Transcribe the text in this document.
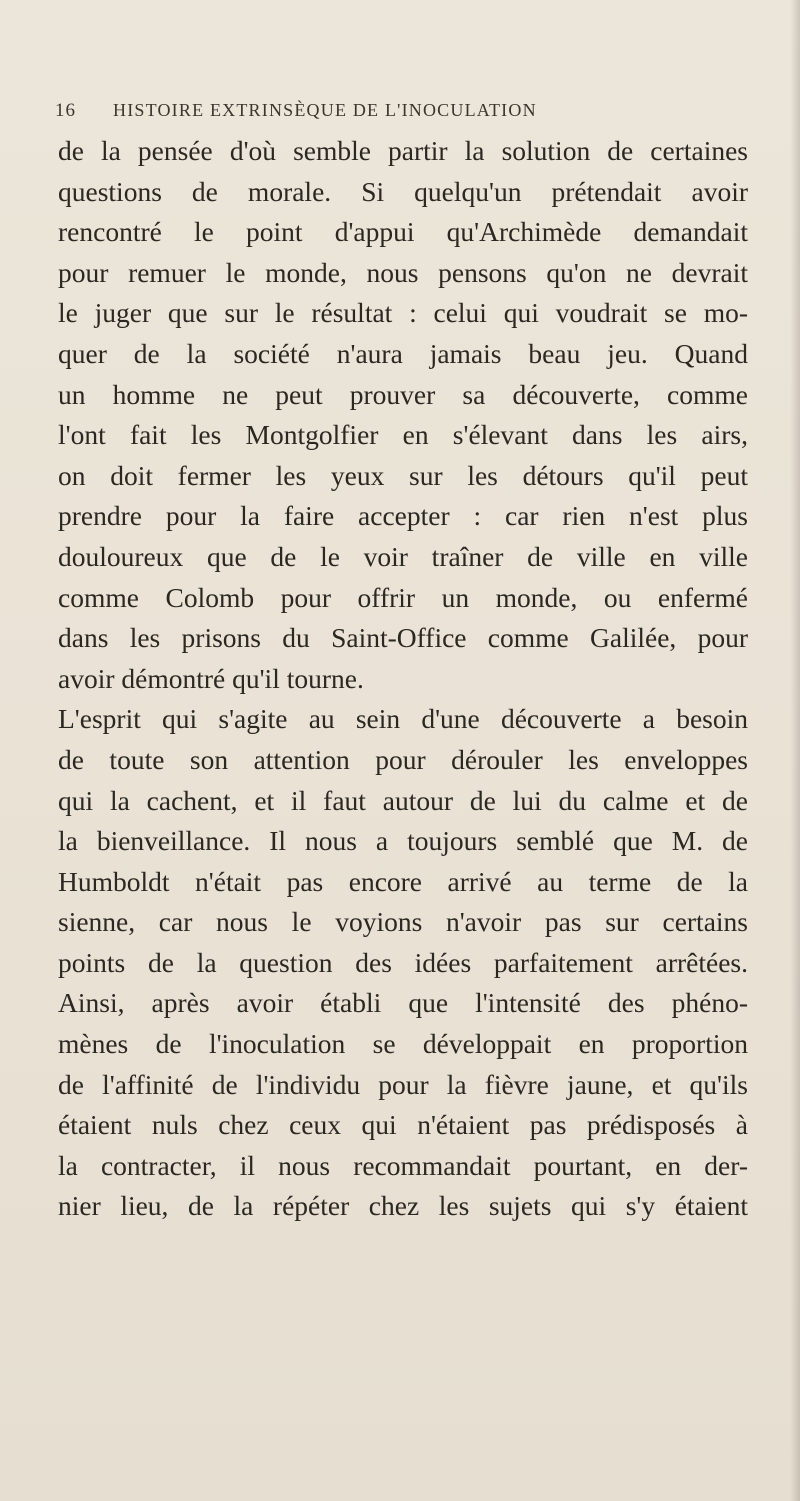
16 HISTOIRE EXTRINSÈQUE DE L'INOCULATION
de la pensée d'où semble partir la solution de certaines
questions de morale. Si quelqu'un prétendait avoir
rencontré le point d'appui qu'Archimède demandait
pour remuer le monde, nous pensons qu'on ne devrait
le juger que sur le résultat : celui qui voudrait se mo-
quer de la société n'aura jamais beau jeu. Quand
un homme ne peut prouver sa découverte, comme
l'ont fait les Montgolfier en s'élevant dans les airs,
on doit fermer les yeux sur les détours qu'il peut
prendre pour la faire accepter : car rien n'est plus
douloureux que de le voir traîner de ville en ville
comme Colomb pour offrir un monde, ou enfermé
dans les prisons du Saint-Office comme Galilée, pour
avoir démontré qu'il tourne.
L'esprit qui s'agite au sein d'une découverte a besoin
de toute son attention pour dérouler les enveloppes
qui la cachent, et il faut autour de lui du calme et de
la bienveillance. Il nous a toujours semblé que M. de
Humboldt n'était pas encore arrivé au terme de la
sienne, car nous le voyions n'avoir pas sur certains
points de la question des idées parfaitement arrêtées.
Ainsi, après avoir établi que l'intensité des phéno-
mènes de l'inoculation se développait en proportion
de l'affinité de l'individu pour la fièvre jaune, et qu'ils
étaient nuls chez ceux qui n'étaient pas prédisposés à
la contracter, il nous recommandait pourtant, en der-
nier lieu, de la répéter chez les sujets qui s'y étaient
